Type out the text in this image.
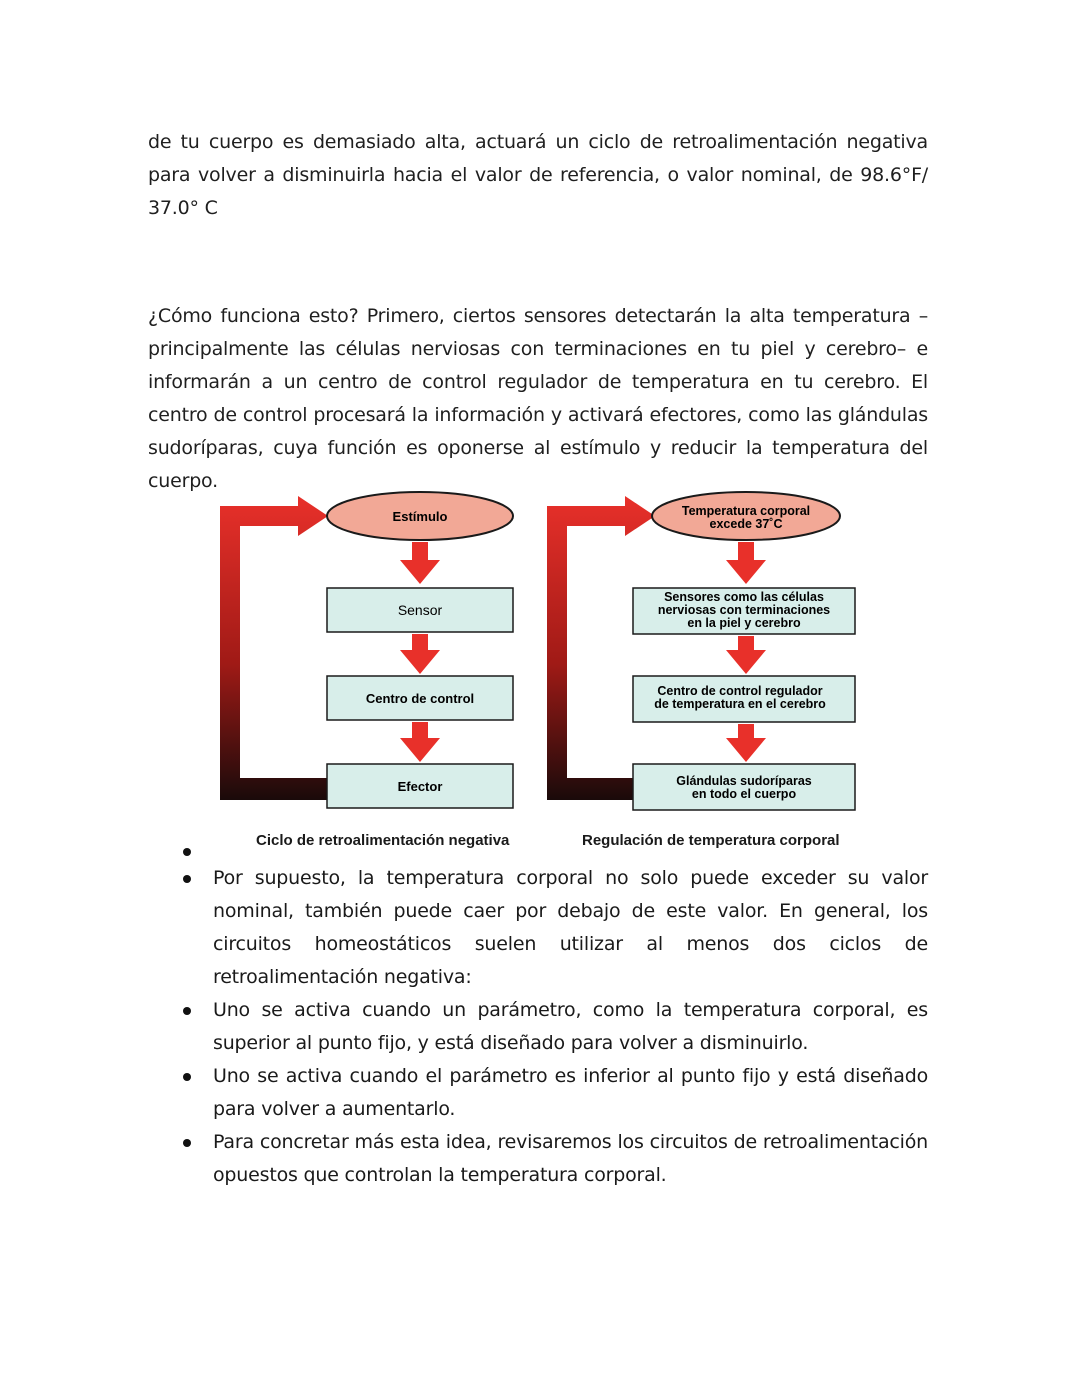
de tu cuerpo es demasiado alta, actuará un ciclo de retroalimentación negativa para volver a disminuirla hacia el valor de referencia, o valor nominal, de 98.6°F/ 37.0° C

¿Cómo funciona esto? Primero, ciertos sensores detectarán la alta temperatura – principalmente las células nerviosas con terminaciones en tu piel y cerebro– e informarán a un centro de control regulador de temperatura en tu cerebro. El centro de control procesará la información y activará efectores, como las glándulas sudoríparas, cuya función es oponerse al estímulo y reducir la temperatura del cuerpo.

Estímulo
Sensor
Centro de control
Efector
Temperatura corporal
excede 37˚C
Sensores como las células
nerviosas con terminaciones
en la piel y cerebro
Centro de control regulador
de temperatura en el cerebro
Glándulas sudoríparas
en todo el cuerpo
Ciclo de retroalimentación negativa	Regulación de temperatura corporal
Por supuesto, la temperatura corporal no solo puede exceder su valor nominal, también puede caer por debajo de este valor. En general, los circuitos homeostáticos suelen utilizar al menos dos ciclos de retroalimentación negativa:
Uno se activa cuando un parámetro, como la temperatura corporal, es superior al punto fijo, y está diseñado para volver a disminuirlo.
Uno se activa cuando el parámetro es inferior al punto fijo y está diseñado para volver a aumentarlo.
Para concretar más esta idea, revisaremos los circuitos de retroalimentación opuestos que controlan la temperatura corporal.
